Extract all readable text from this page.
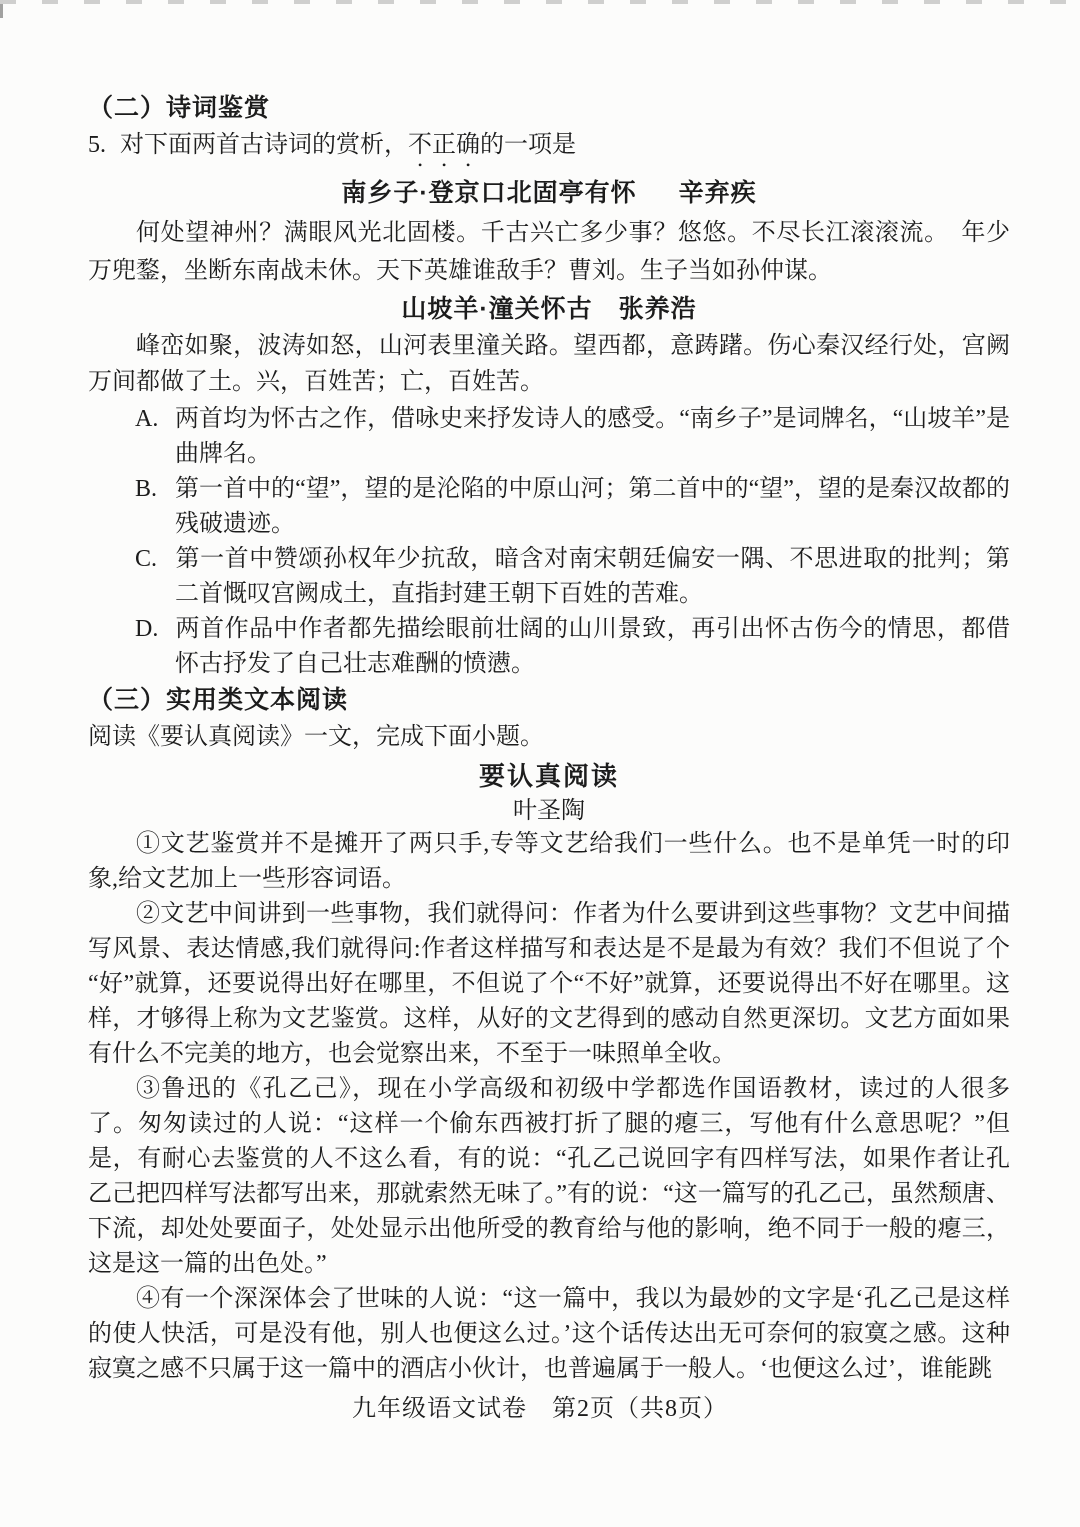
（二）诗词鉴赏
5. 对下面两首古诗词的赏析，不正确的一项是
南乡子·登京口北固亭有怀 辛弃疾
何处望神州？满眼风光北固楼。千古兴亡多少事？悠悠。不尽长江滚滚流。　年少万兜鍪，坐断东南战未休。天下英雄谁敌手？曹刘。生子当如孙仲谋。
山坡羊·潼关怀古 张养浩
峰峦如聚，波涛如怒，山河表里潼关路。望西都，意踌躇。伤心秦汉经行处，宫阙万间都做了土。兴，百姓苦；亡，百姓苦。
A. 两首均为怀古之作，借咏史来抒发诗人的感受。“南乡子”是词牌名，“山坡羊”是曲牌名。
B. 第一首中的“望”，望的是沦陷的中原山河；第二首中的“望”，望的是秦汉故都的残破遗迹。
C. 第一首中赞颂孙权年少抗敌，暗含对南宋朝廷偏安一隅、不思进取的批判；第二首慨叹宫阙成土，直指封建王朝下百姓的苦难。
D. 两首作品中作者都先描绘眼前壮阔的山川景致，再引出怀古伤今的情思，都借怀古抒发了自己壮志难酬的愤懑。
（三）实用类文本阅读
阅读《要认真阅读》一文，完成下面小题。
要认真阅读
叶圣陶
①文艺鉴赏并不是摊开了两只手,专等文艺给我们一些什么。也不是单凭一时的印象,给文艺加上一些形容词语。
②文艺中间讲到一些事物，我们就得问：作者为什么要讲到这些事物？文艺中间描写风景、表达情感,我们就得问:作者这样描写和表达是不是最为有效？我们不但说了个“好”就算，还要说得出好在哪里，不但说了个“不好”就算，还要说得出不好在哪里。这样，才够得上称为文艺鉴赏。这样，从好的文艺得到的感动自然更深切。文艺方面如果有什么不完美的地方，也会觉察出来，不至于一味照单全收。
③鲁迅的《孔乙己》，现在小学高级和初级中学都选作国语教材，读过的人很多了。匆匆读过的人说：“这样一个偷东西被打折了腿的瘪三，写他有什么意思呢？”但是，有耐心去鉴赏的人不这么看，有的说：“孔乙己说回字有四样写法，如果作者让孔乙己把四样写法都写出来，那就索然无味了。”有的说：“这一篇写的孔乙己，虽然颓唐、下流，却处处要面子，处处显示出他所受的教育给与他的影响，绝不同于一般的瘪三，这是这一篇的出色处。”
④有一个深深体会了世味的人说：“这一篇中，我以为最妙的文字是‘孔乙己是这样的使人快活，可是没有他，别人也便这么过。’这个话传达出无可奈何的寂寞之感。这种寂寞之感不只属于这一篇中的酒店小伙计，也普遍属于一般人。‘也便这么过’，谁能跳
九年级语文试卷　第2页（共8页）
